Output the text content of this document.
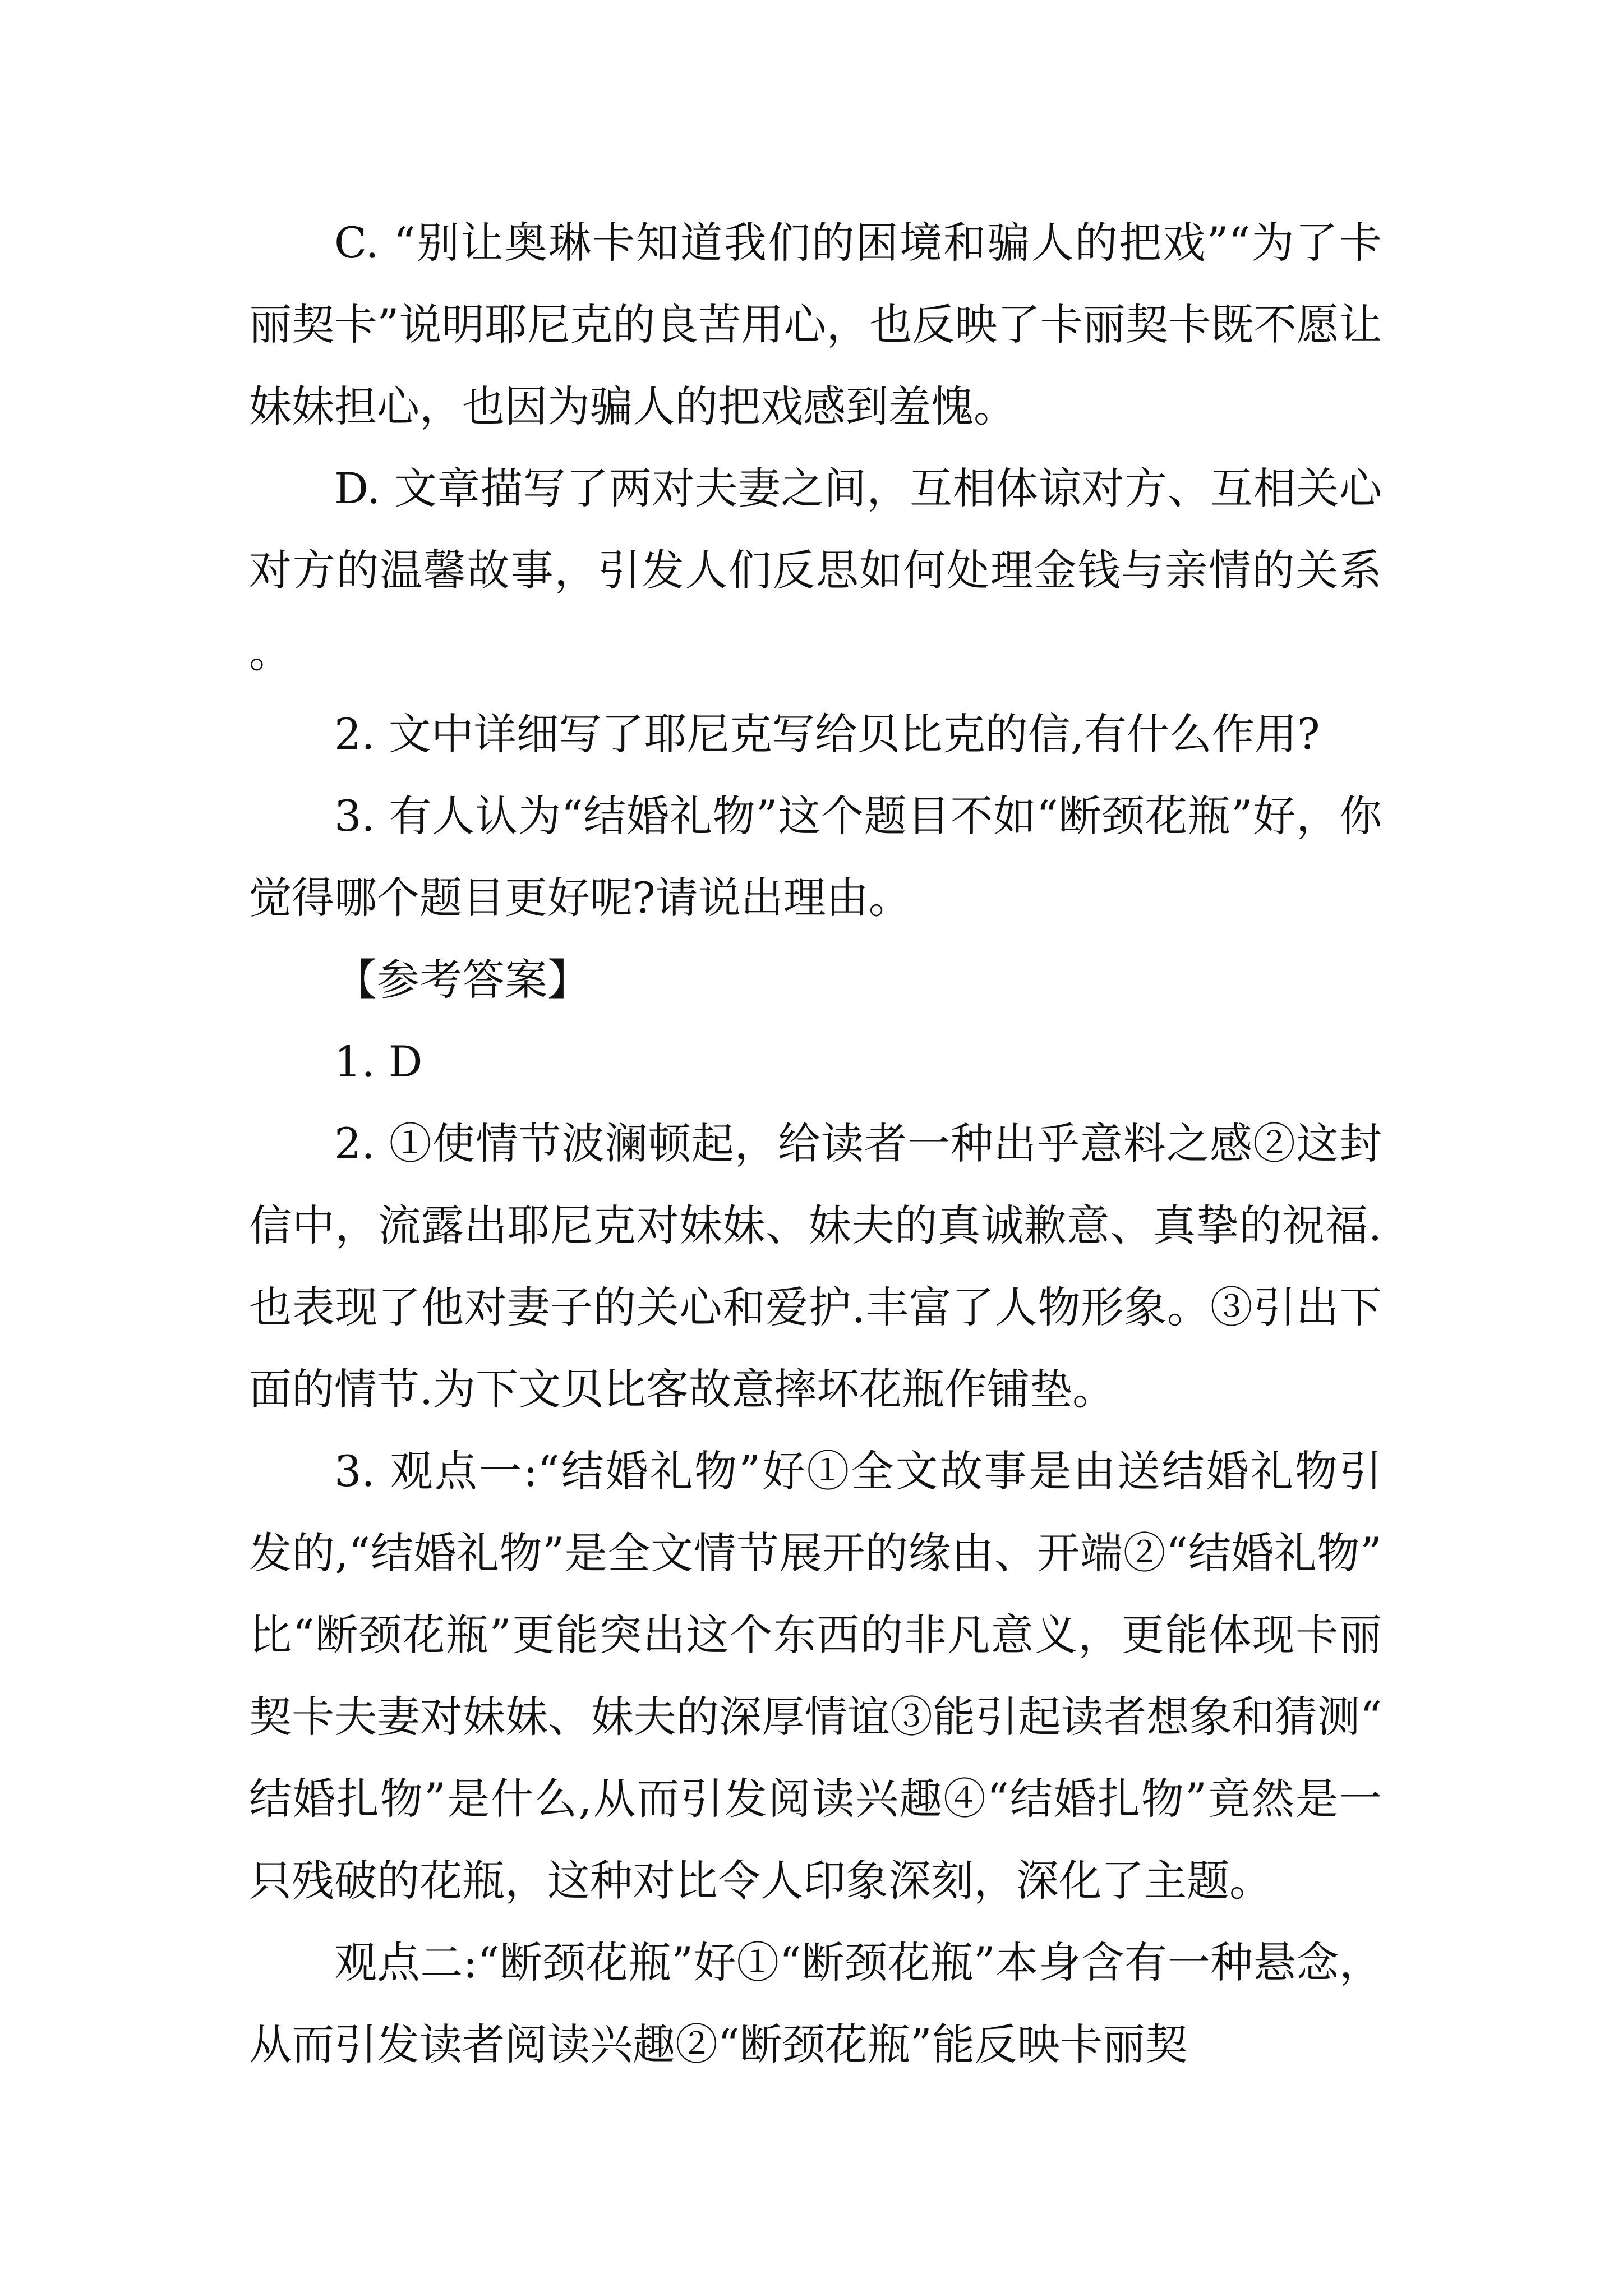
C. “别让奥琳卡知道我们的困境和骗人的把戏”“为了卡丽契卡”说明耶尼克的良苦用心，也反映了卡丽契卡既不愿让妹妹担心，也因为骗人的把戏感到羞愧。

D. 文章描写了两对夫妻之间，互相体谅对方、互相关心对方的温馨故事，引发人们反思如何处理金钱与亲情的关系。

2. 文中详细写了耶尼克写给贝比克的信,有什么作用?

3. 有人认为“结婚礼物”这个题目不如“断颈花瓶”好，你觉得哪个题目更好呢?请说出理由。

【参考答案】

1. D

2. ①使情节波澜顿起，给读者一种出乎意料之感②这封信中，流露出耶尼克对妹妹、妹夫的真诚歉意、真挚的祝福.也表现了他对妻子的关心和爱护.丰富了人物形象。③引出下面的情节.为下文贝比客故意摔坏花瓶作铺垫。

3. 观点一:“结婚礼物”好①全文故事是由送结婚礼物引发的,“结婚礼物”是全文情节展开的缘由、开端②“结婚礼物”比“断颈花瓶”更能突出这个东西的非凡意义，更能体现卡丽契卡夫妻对妹妹、妹夫的深厚情谊③能引起读者想象和猜测“结婚扎物”是什么,从而引发阅读兴趣④“结婚扎物”竟然是一只残破的花瓶，这种对比令人印象深刻，深化了主题。

观点二:“断颈花瓶”好①“断颈花瓶”本身含有一种悬念，从而引发读者阅读兴趣②“断颈花瓶”能反映卡丽契
